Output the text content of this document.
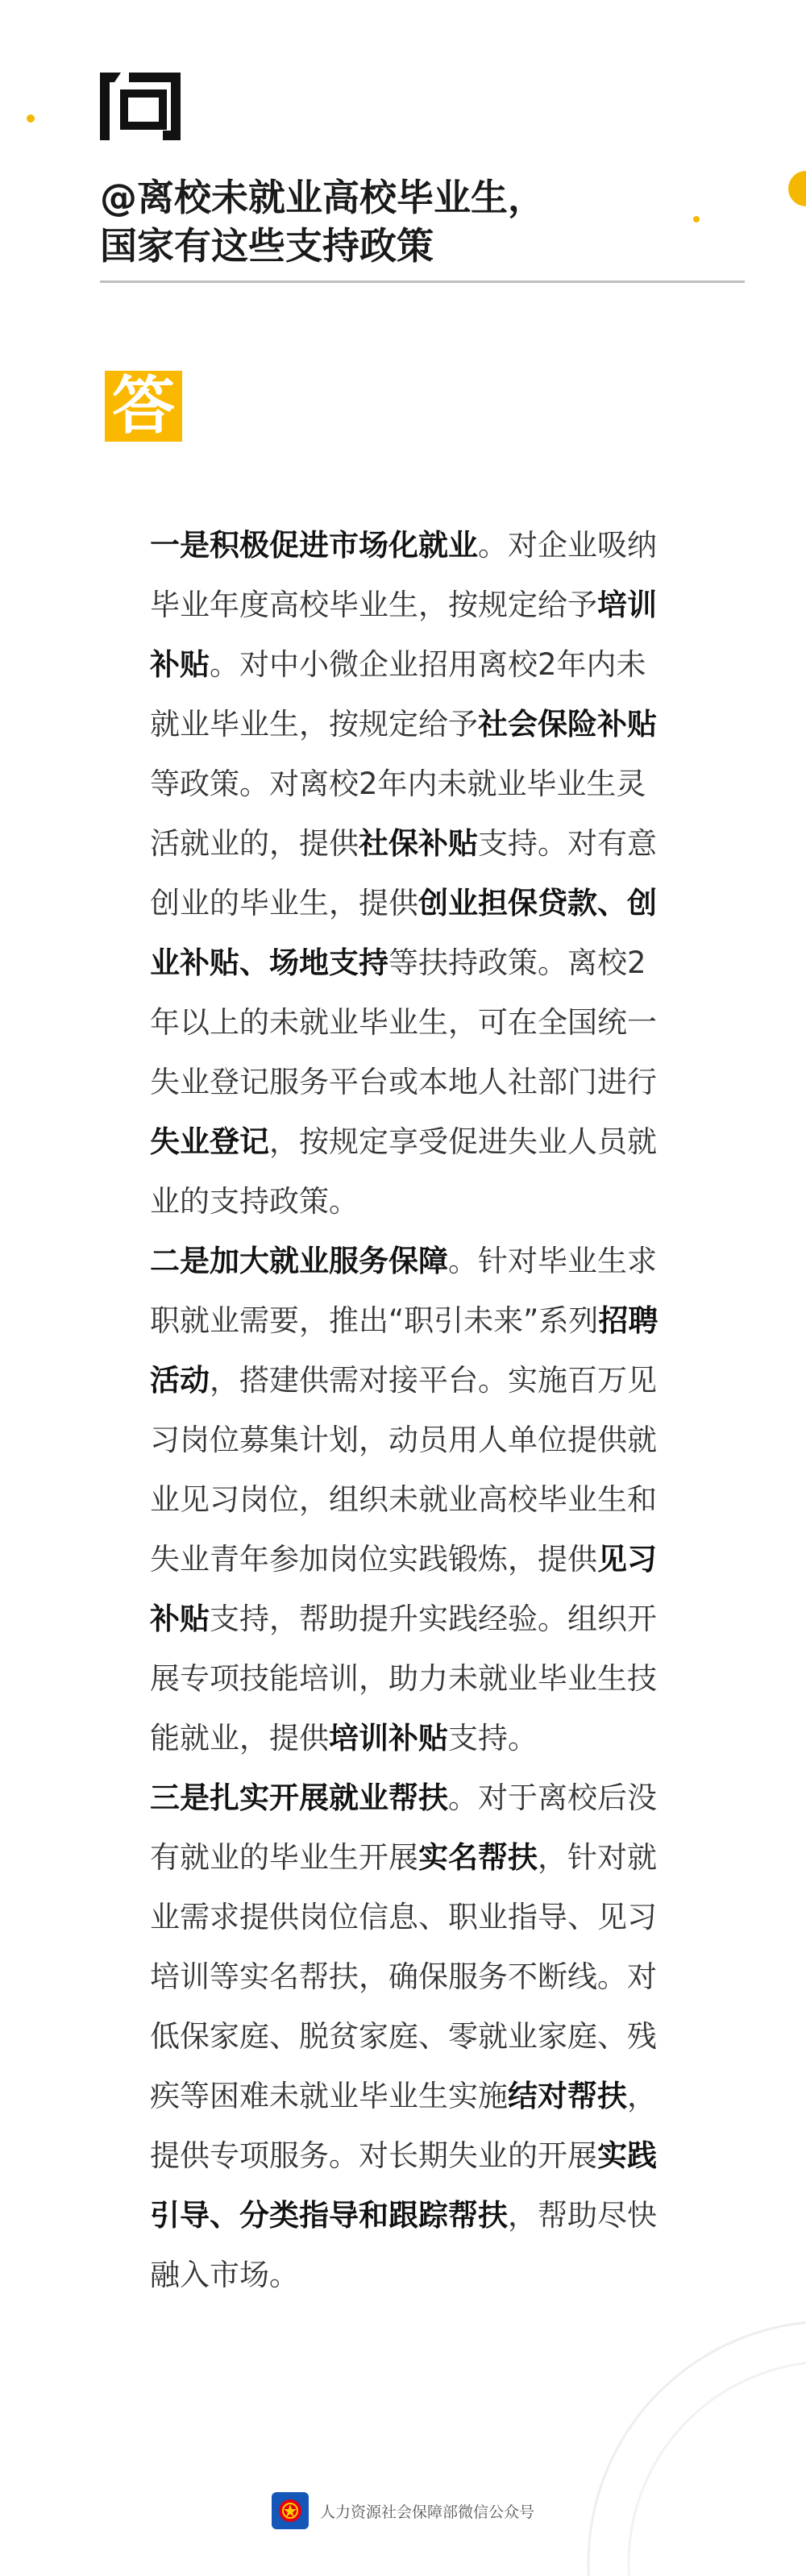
@离校未就业高校毕业生，
国家有这些支持政策
答

一是积极促进市场化就业。对企业吸纳毕业年度高校毕业生，按规定给予培训补贴。对中小微企业招用离校2年内未就业毕业生，按规定给予社会保险补贴等政策。对离校2年内未就业毕业生灵活就业的，提供社保补贴支持。对有意创业的毕业生，提供创业担保贷款、创业补贴、场地支持等扶持政策。离校2年以上的未就业毕业生，可在全国统一失业登记服务平台或本地人社部门进行失业登记，按规定享受促进失业人员就业的支持政策。

二是加大就业服务保障。针对毕业生求职就业需要，推出“职引未来”系列招聘活动，搭建供需对接平台。实施百万见习岗位募集计划，动员用人单位提供就业见习岗位，组织未就业高校毕业生和失业青年参加岗位实践锻炼，提供见习补贴支持，帮助提升实践经验。组织开展专项技能培训，助力未就业毕业生技能就业，提供培训补贴支持。

三是扎实开展就业帮扶。对于离校后没有就业的毕业生开展实名帮扶，针对就业需求提供岗位信息、职业指导、见习培训等实名帮扶，确保服务不断线。对低保家庭、脱贫家庭、零就业家庭、残疾等困难未就业毕业生实施结对帮扶，提供专项服务。对长期失业的开展实践引导、分类指导和跟踪帮扶，帮助尽快融入市场。

人力资源社会保障部微信公众号
